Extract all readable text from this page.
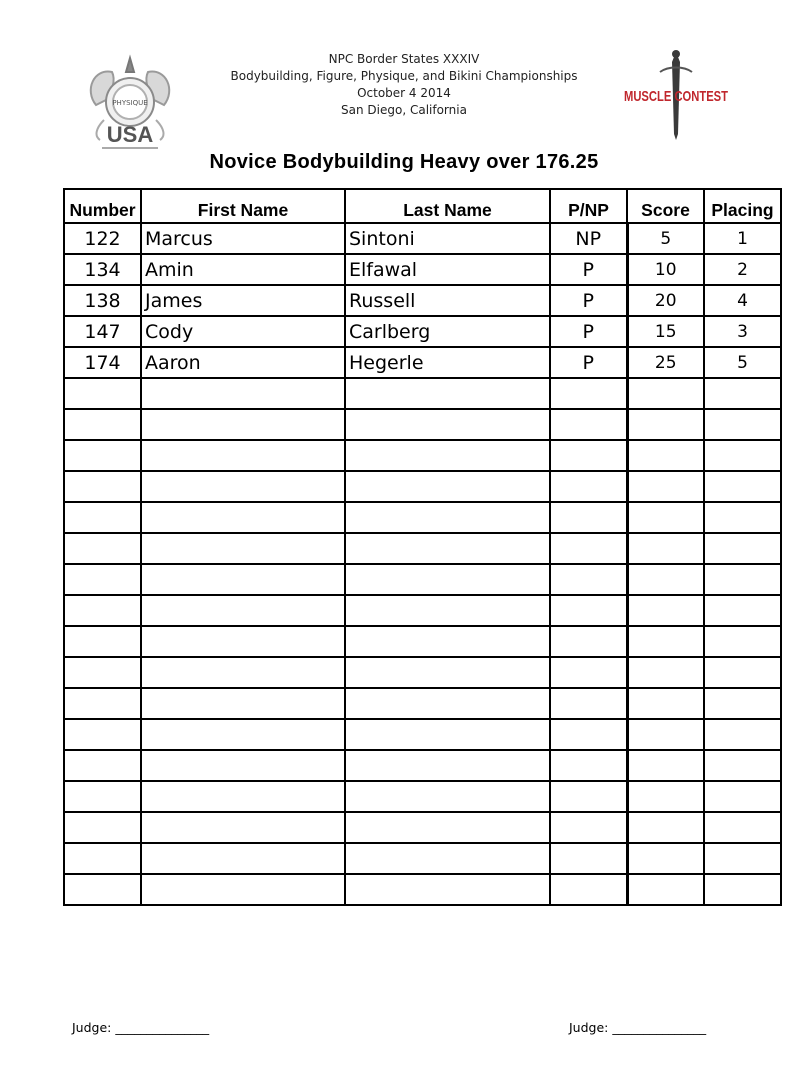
PHYSIQUE
USA
NPC Border States XXXIV
Bodybuilding, Figure, Physique, and Bikini Championships
October 4 2014
San Diego, California
MUSCLE CONTEST
Novice Bodybuilding Heavy over 176.25
Number	First Name	Last Name	P/NP	Score	Placing
122	Marcus	Sintoni	NP	5	1
134	Amin	Elfawal	P	10	2
138	James	Russell	P	20	4
147	Cody	Carlberg	P	15	3
174	Aaron	Hegerle	P	25	5

Judge: _______________	Judge: _______________
